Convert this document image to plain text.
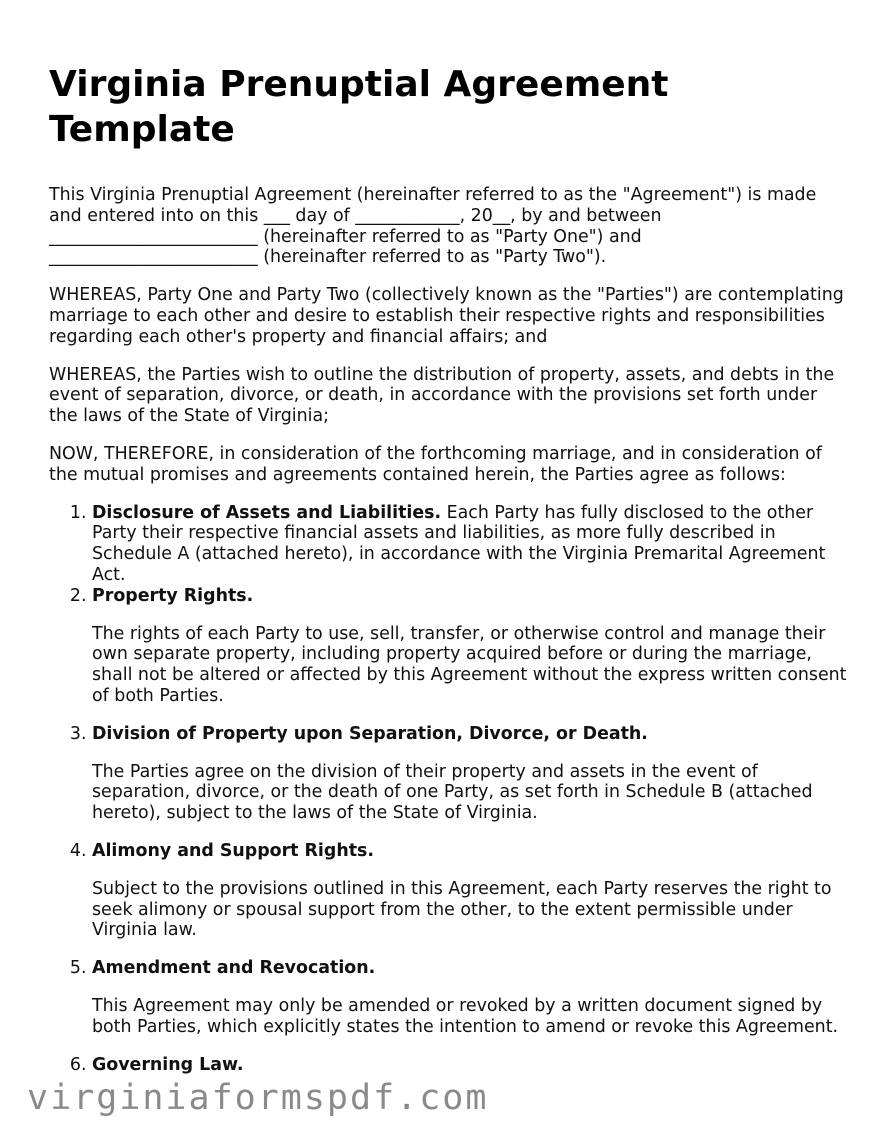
Virginia Prenuptial Agreement Template

This Virginia Prenuptial Agreement (hereinafter referred to as the "Agreement") is made and entered into on this ___ day of ____________, 20__, by and between ________________________ (hereinafter referred to as "Party One") and ________________________ (hereinafter referred to as "Party Two").

WHEREAS, Party One and Party Two (collectively known as the "Parties") are contemplating marriage to each other and desire to establish their respective rights and responsibilities regarding each other's property and financial affairs; and

WHEREAS, the Parties wish to outline the distribution of property, assets, and debts in the event of separation, divorce, or death, in accordance with the provisions set forth under the laws of the State of Virginia;

NOW, THEREFORE, in consideration of the forthcoming marriage, and in consideration of the mutual promises and agreements contained herein, the Parties agree as follows:

1. Disclosure of Assets and Liabilities. Each Party has fully disclosed to the other Party their respective financial assets and liabilities, as more fully described in Schedule A (attached hereto), in accordance with the Virginia Premarital Agreement Act.
2. Property Rights.
The rights of each Party to use, sell, transfer, or otherwise control and manage their own separate property, including property acquired before or during the marriage, shall not be altered or affected by this Agreement without the express written consent of both Parties.
3. Division of Property upon Separation, Divorce, or Death.
The Parties agree on the division of their property and assets in the event of separation, divorce, or the death of one Party, as set forth in Schedule B (attached hereto), subject to the laws of the State of Virginia.
4. Alimony and Support Rights.
Subject to the provisions outlined in this Agreement, each Party reserves the right to seek alimony or spousal support from the other, to the extent permissible under Virginia law.
5. Amendment and Revocation.
This Agreement may only be amended or revoked by a written document signed by both Parties, which explicitly states the intention to amend or revoke this Agreement.
6. Governing Law.
virginiaformspdf.com
